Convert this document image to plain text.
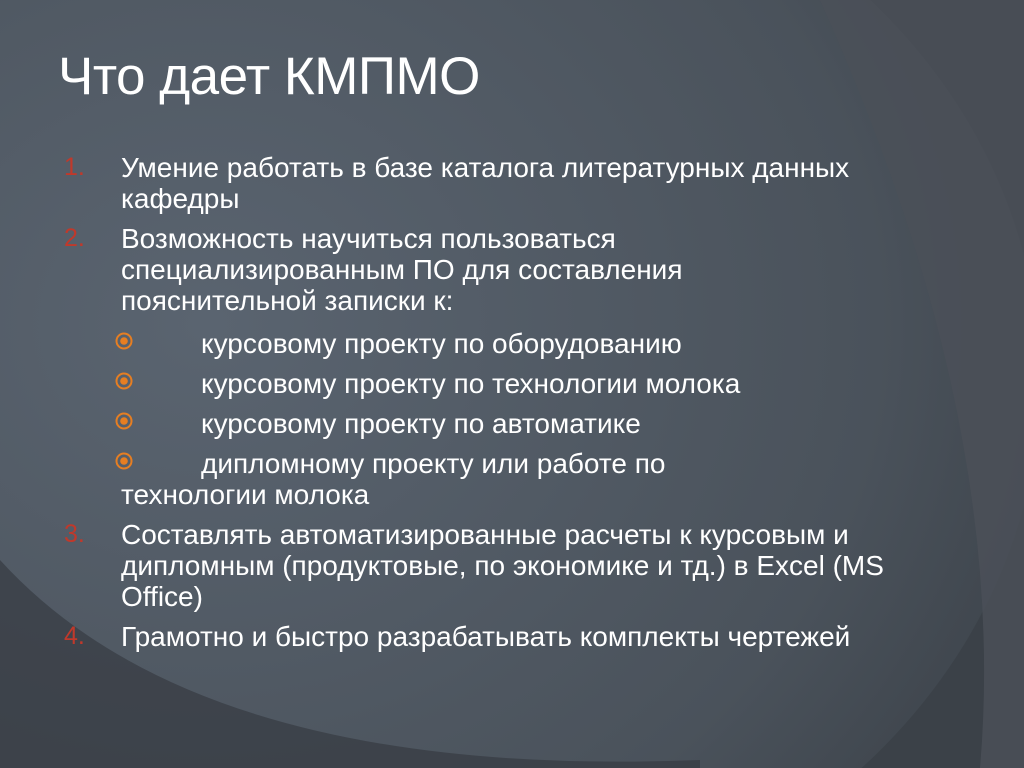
Что дает КМПМО
1. Умение работать в базе каталога литературных данных кафедры
2. Возможность научиться пользоваться специализированным ПО для составления пояснительной записки к:
курсовому проекту по оборудованию
курсовому проекту по технологии молока
курсовому проекту по автоматике
дипломному проекту или работе по
технологии молока
3. Составлять автоматизированные расчеты к курсовым и дипломным (продуктовые, по экономике и тд.) в Excel (MS Office)
4. Грамотно и быстро разрабатывать комплекты чертежей
